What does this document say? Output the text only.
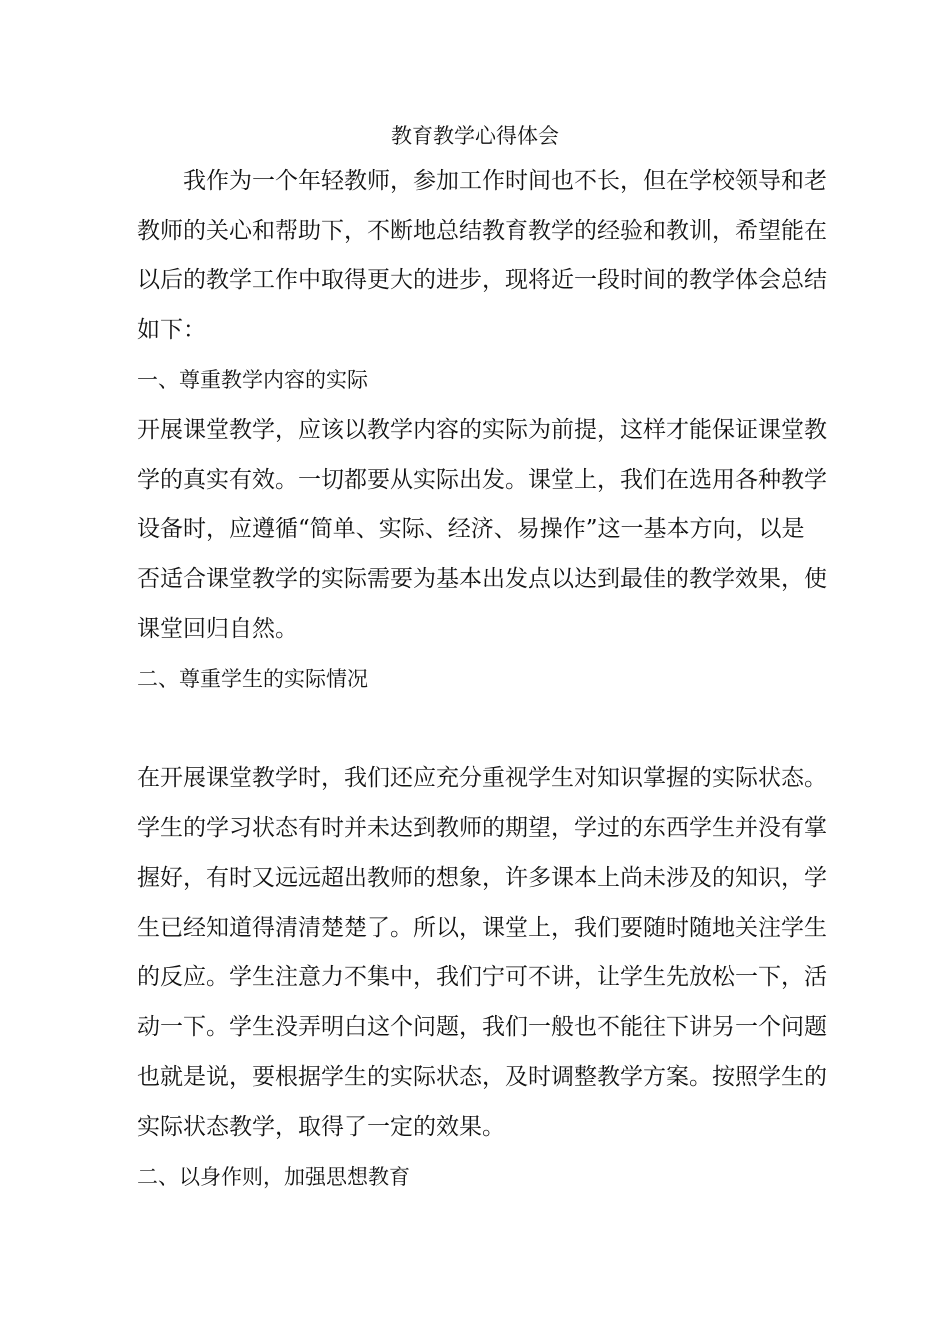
教育教学心得体会

我作为一个年轻教师，参加工作时间也不长，但在学校领导和老

教师的关心和帮助下，不断地总结教育教学的经验和教训，希望能在

以后的教学工作中取得更大的进步，现将近一段时间的教学体会总结

如下：

一、尊重教学内容的实际

开展课堂教学，应该以教学内容的实际为前提，这样才能保证课堂教

学的真实有效。一切都要从实际出发。课堂上，我们在选用各种教学

设备时，应遵循“简单、实际、经济、易操作”这一基本方向，以是

否适合课堂教学的实际需要为基本出发点以达到最佳的教学效果，使

课堂回归自然。

二、尊重学生的实际情况

在开展课堂教学时，我们还应充分重视学生对知识掌握的实际状态。

学生的学习状态有时并未达到教师的期望，学过的东西学生并没有掌

握好，有时又远远超出教师的想象，许多课本上尚未涉及的知识，学

生已经知道得清清楚楚了。所以，课堂上，我们要随时随地关注学生

的反应。学生注意力不集中，我们宁可不讲，让学生先放松一下，活

动一下。学生没弄明白这个问题，我们一般也不能往下讲另一个问题

也就是说，要根据学生的实际状态，及时调整教学方案。按照学生的

实际状态教学，取得了一定的效果。

二、以身作则，加强思想教育
